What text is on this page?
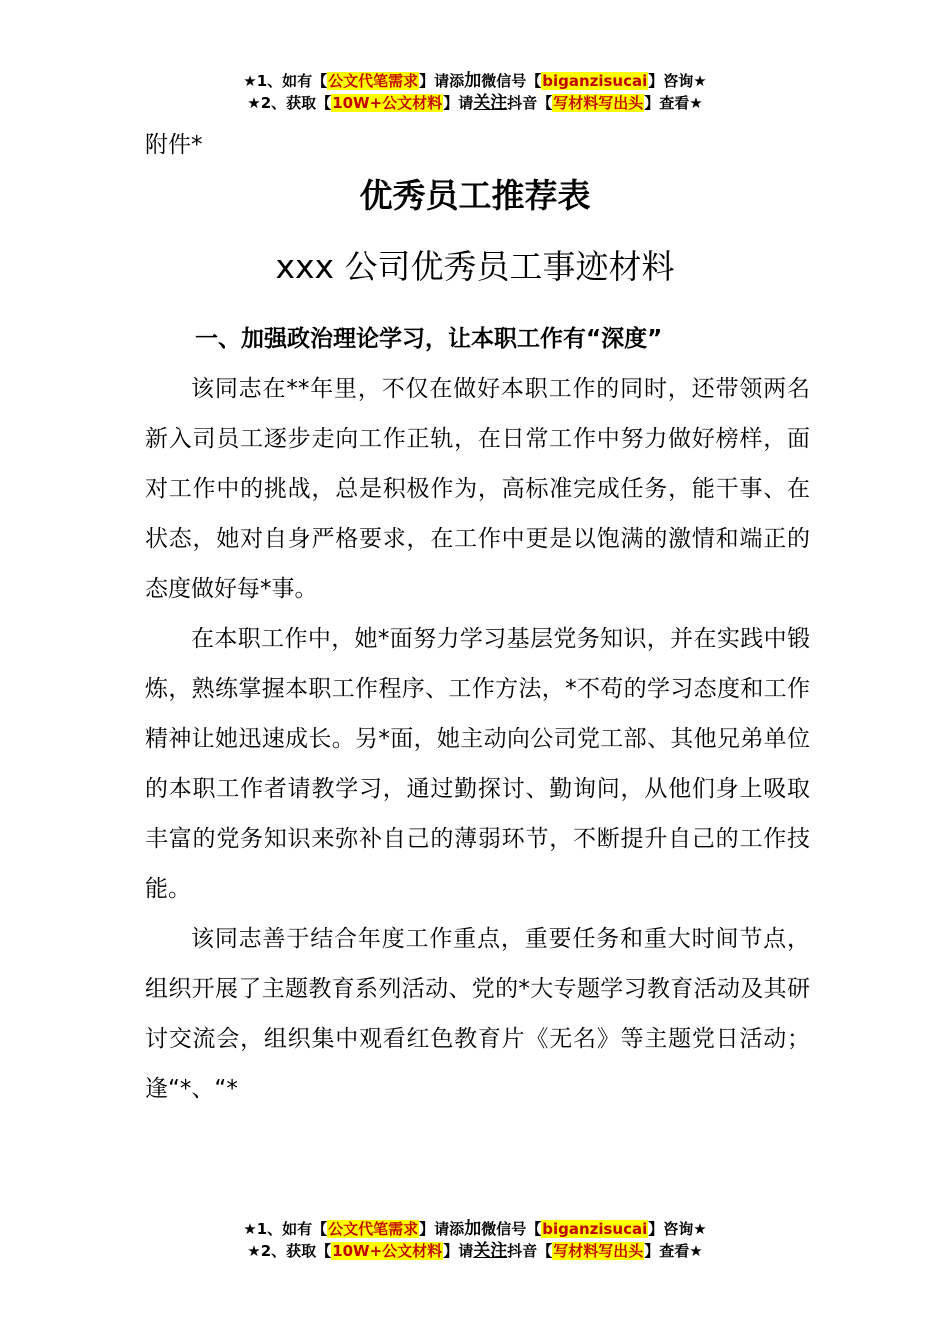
★1、如有【公文代笔需求】请添加微信号【biganzisucai】咨询★
★2、获取【10W+公文材料】请关注抖音【写材料写出头】查看★
附件*
优秀员工推荐表
xxx 公司优秀员工事迹材料
一、加强政治理论学习，让本职工作有“深度”

该同志在**年里，不仅在做好本职工作的同时，还带领两名新入司员工逐步走向工作正轨，在日常工作中努力做好榜样，面对工作中的挑战，总是积极作为，高标准完成任务，能干事、在状态，她对自身严格要求，在工作中更是以饱满的激情和端正的态度做好每*事。

在本职工作中，她*面努力学习基层党务知识，并在实践中锻炼，熟练掌握本职工作程序、工作方法，*不苟的学习态度和工作精神让她迅速成长。另*面，她主动向公司党工部、其他兄弟单位的本职工作者请教学习，通过勤探讨、勤询问，从他们身上吸取丰富的党务知识来弥补自己的薄弱环节，不断提升自己的工作技能。

该同志善于结合年度工作重点，重要任务和重大时间节点，组织开展了主题教育系列活动、党的*大专题学习教育活动及其研讨交流会，组织集中观看红色教育片《无名》等主题党日活动；逢“*、“*

★1、如有【公文代笔需求】请添加微信号【biganzisucai】咨询★
★2、获取【10W+公文材料】请关注抖音【写材料写出头】查看★
